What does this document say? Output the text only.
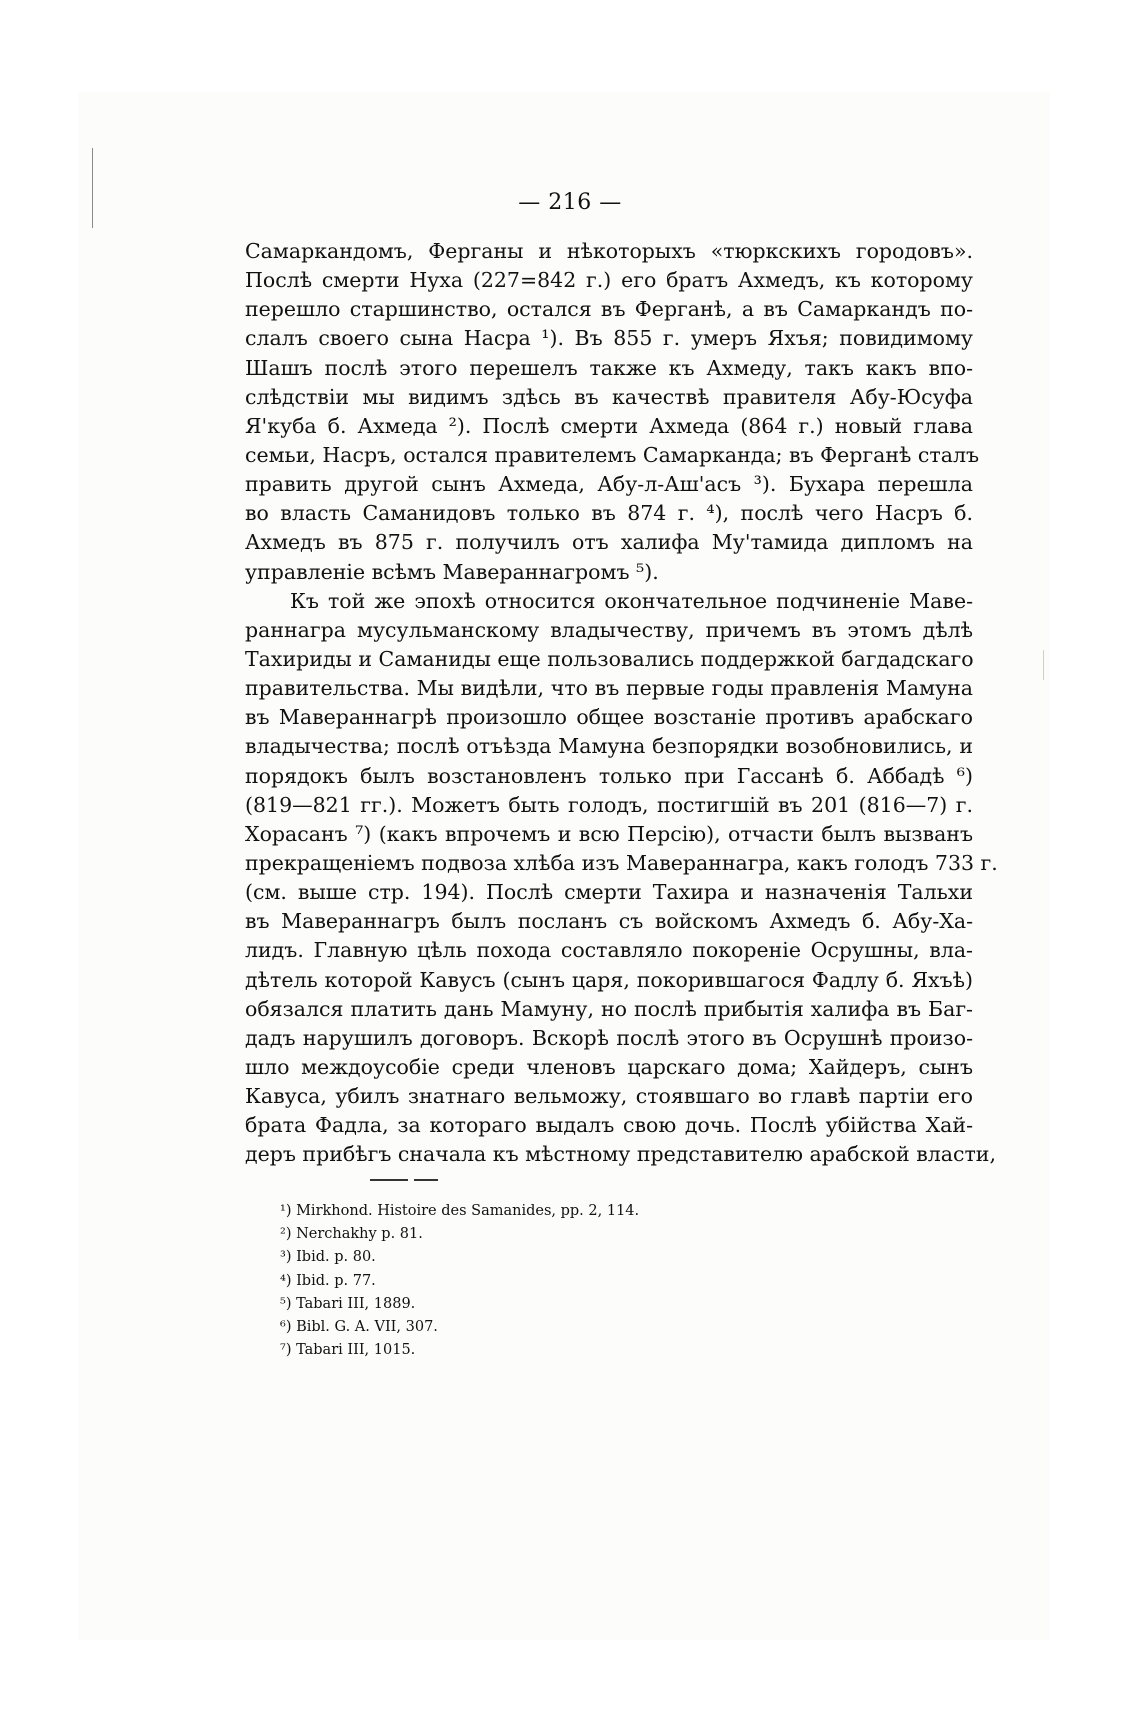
— 216 —
Самаркандомъ, Ферганы и нѣкоторыхъ «тюркскихъ городовъ».
Послѣ смерти Нуха (227=842 г.) его братъ Ахмедъ, къ которому
перешло старшинство, остался въ Ферганѣ, а въ Самаркандъ по-
слалъ своего сына Насра ¹). Въ 855 г. умеръ Яхъя; повидимому
Шашъ послѣ этого перешелъ также къ Ахмеду, такъ какъ впо-
слѣдствіи мы видимъ здѣсь въ качествѣ правителя Абу-Юсуфа
Я'куба б. Ахмеда ²). Послѣ смерти Ахмеда (864 г.) новый глава
семьи, Насръ, остался правителемъ Самарканда; въ Ферганѣ сталъ
править другой сынъ Ахмеда, Абу-л-Аш'асъ ³). Бухара перешла
во власть Саманидовъ только въ 874 г. ⁴), послѣ чего Насръ б.
Ахмедъ въ 875 г. получилъ отъ халифа Му'тамида дипломъ на
управленіе всѣмъ Мавераннагромъ ⁵).
Къ той же эпохѣ относится окончательное подчиненіе Маве-
раннагра мусульманскому владычеству, причемъ въ этомъ дѣлѣ
Тахириды и Саманиды еще пользовались поддержкой багдадскаго
правительства. Мы видѣли, что въ первые годы правленія Мамуна
въ Мавераннагрѣ произошло общее возстаніе противъ арабскаго
владычества; послѣ отъѣзда Мамуна безпорядки возобновились, и
порядокъ былъ возстановленъ только при Гассанѣ б. Аббадѣ ⁶)
(819—821 гг.). Можетъ быть голодъ, постигшій въ 201 (816—7) г.
Хорасанъ ⁷) (какъ впрочемъ и всю Персію), отчасти былъ вызванъ
прекращеніемъ подвоза хлѣба изъ Мавераннагра, какъ голодъ 733 г.
(см. выше стр. 194). Послѣ смерти Тахира и назначенія Тальхи
въ Мавераннагръ былъ посланъ съ войскомъ Ахмедъ б. Абу-Ха-
лидъ. Главную цѣль похода составляло покореніе Осрушны, вла-
дѣтель которой Кавусъ (сынъ царя, покорившагося Фадлу б. Яхъѣ)
обязался платить дань Мамуну, но послѣ прибытія халифа въ Баг-
дадъ нарушилъ договоръ. Вскорѣ послѣ этого въ Осрушнѣ произо-
шло междоусобіе среди членовъ царскаго дома; Хайдеръ, сынъ
Кавуса, убилъ знатнаго вельможу, стоявшаго во главѣ партіи его
брата Фадла, за котораго выдалъ свою дочь. Послѣ убійства Хай-
деръ прибѣгъ сначала къ мѣстному представителю арабской власти,
¹) Mirkhond. Histoire des Samanides, pp. 2, 114.
²) Nerchakhy p. 81.
³) Ibid. p. 80.
⁴) Ibid. p. 77.
⁵) Tabari III, 1889.
⁶) Bibl. G. A. VII, 307.
⁷) Tabari III, 1015.
